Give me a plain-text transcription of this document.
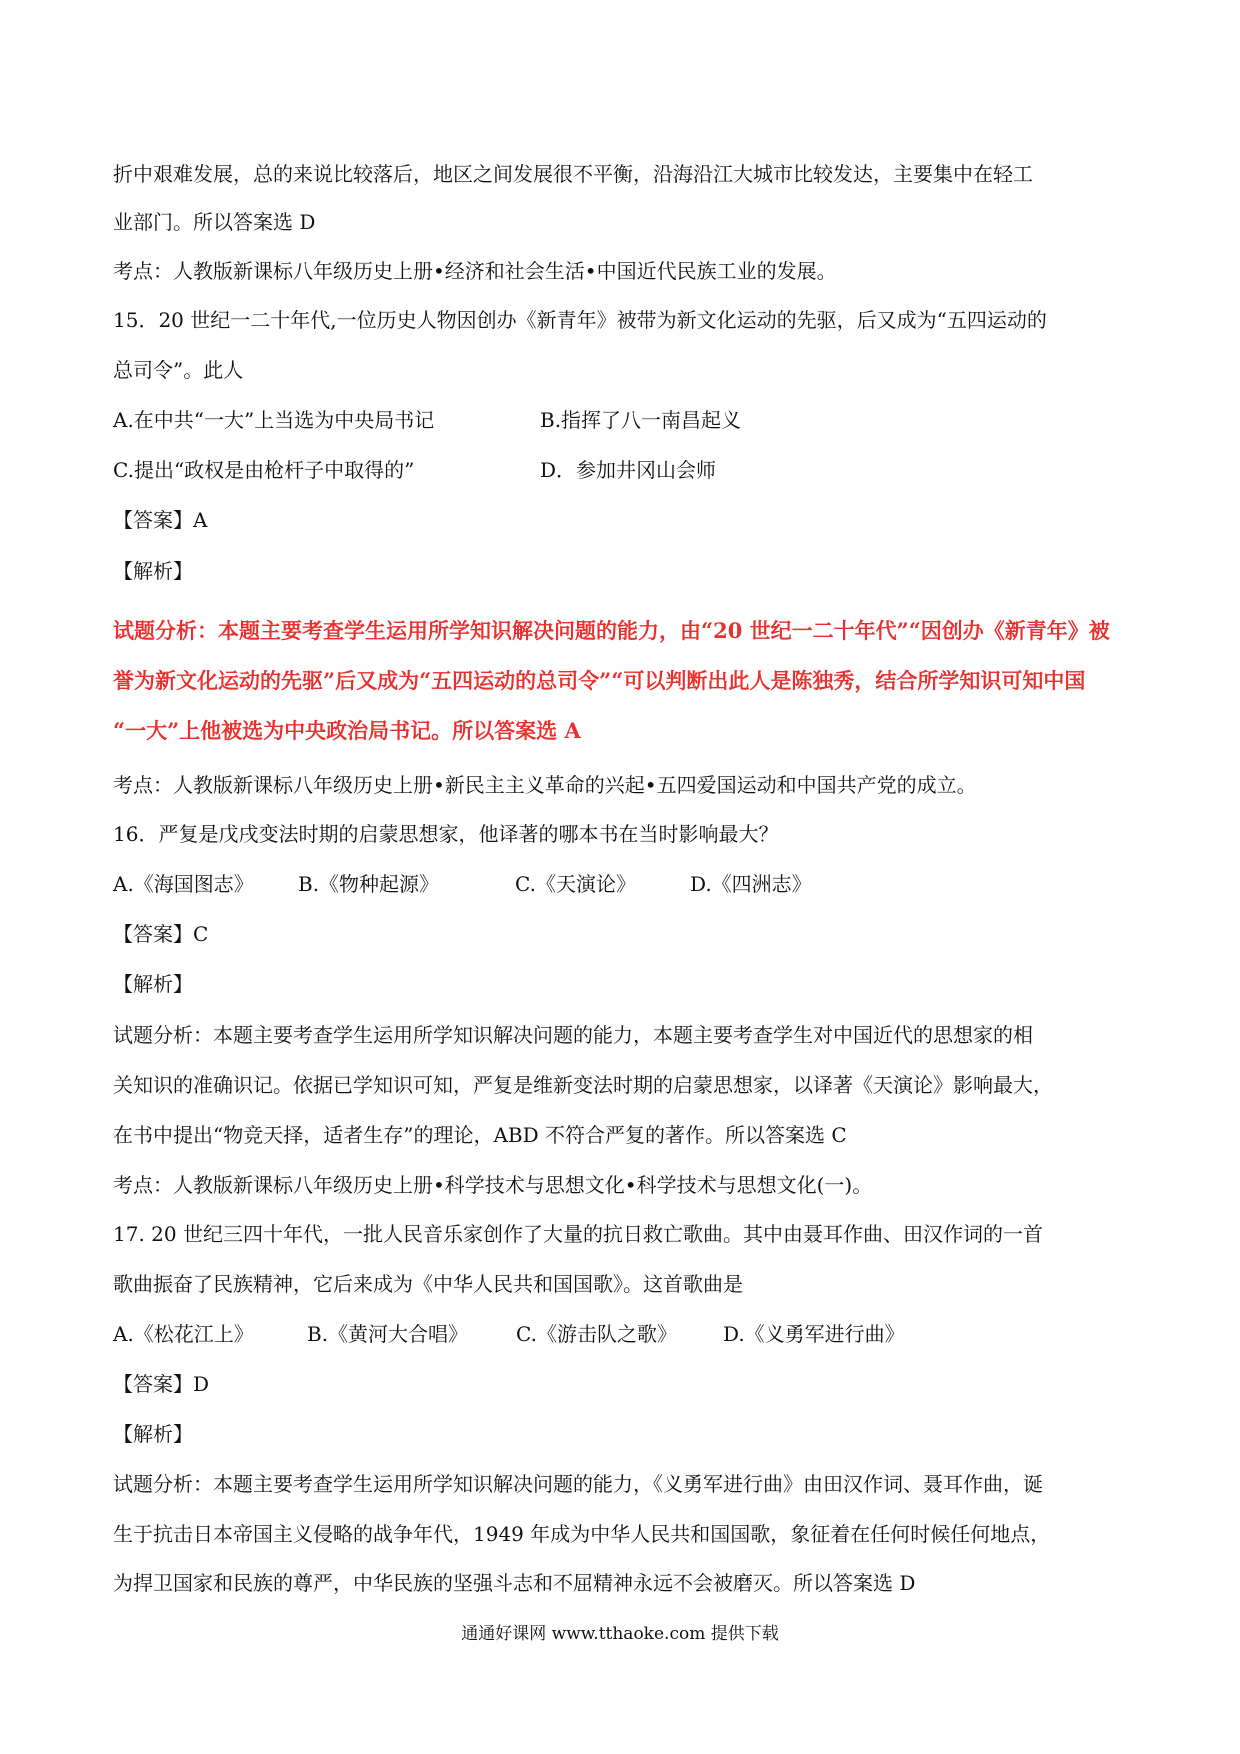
折中艰难发展，总的来说比较落后，地区之间发展很不平衡，沿海沿江大城市比较发达，主要集中在轻工
业部门。所以答案选 D
考点：人教版新课标八年级历史上册•经济和社会生活•中国近代民族工业的发展。
15．20 世纪一二十年代,一位历史人物因创办《新青年》被带为新文化运动的先驱，后又成为“五四运动的
总司令”。此人
A.在中共“一大”上当选为中央局书记	B.指挥了八一南昌起义
C.提出“政权是由枪杆子中取得的”	D．参加井冈山会师
【答案】A
【解析】
试题分析：本题主要考查学生运用所学知识解决问题的能力，由“20 世纪一二十年代”“因创办《新青年》被
誉为新文化运动的先驱”后又成为“五四运动的总司令”“可以判断出此人是陈独秀，结合所学知识可知中国
“一大”上他被选为中央政治局书记。所以答案选 A
考点：人教版新课标八年级历史上册•新民主主义革命的兴起•五四爱国运动和中国共产党的成立。
16．严复是戊戌变法时期的启蒙思想家，他译著的哪本书在当时影响最大？
A.《海国图志》 B.《物种起源》	C.《天演论》	D.《四洲志》
【答案】C
【解析】
试题分析：本题主要考查学生运用所学知识解决问题的能力，本题主要考查学生对中国近代的思想家的相
关知识的准确识记。依据已学知识可知，严复是维新变法时期的启蒙思想家，以译著《天演论》影响最大，
在书中提出“物竞天择，适者生存”的理论，ABD 不符合严复的著作。所以答案选 C
考点：人教版新课标八年级历史上册•科学技术与思想文化•科学技术与思想文化(一)。
17. 20 世纪三四十年代，一批人民音乐家创作了大量的抗日救亡歌曲。其中由聂耳作曲、田汉作词的一首
歌曲振奋了民族精神，它后来成为《中华人民共和国国歌》。这首歌曲是
A.《松花江上》	B.《黄河大合唱》 C.《游击队之歌》 D.《义勇军进行曲》
【答案】D
【解析】
试题分析：本题主要考查学生运用所学知识解决问题的能力，《义勇军进行曲》由田汉作词、聂耳作曲，诞
生于抗击日本帝国主义侵略的战争年代，1949 年成为中华人民共和国国歌，象征着在任何时候任何地点，
为捍卫国家和民族的尊严，中华民族的坚强斗志和不屈精神永远不会被磨灭。所以答案选 D
通通好课网 www.tthaoke.com 提供下载
